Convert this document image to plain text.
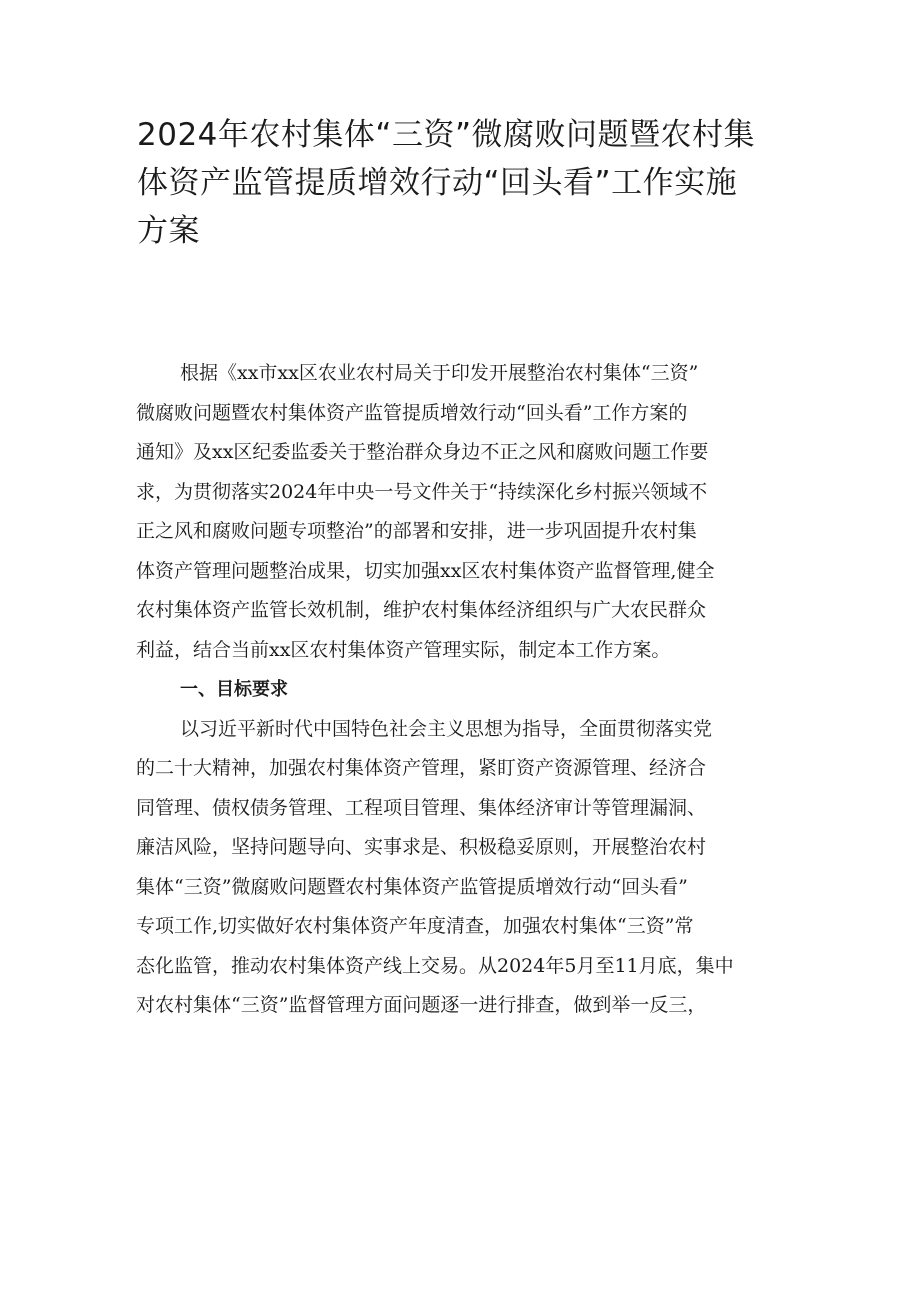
2024年农村集体“三资”微腐败问题暨农村集
体资产监管提质增效行动“回头看”工作实施
方案
根据《xx市xx区农业农村局关于印发开展整治农村集体“三资”
微腐败问题暨农村集体资产监管提质增效行动“回头看”工作方案的
通知》及xx区纪委监委关于整治群众身边不正之风和腐败问题工作要
求，为贯彻落实2024年中央一号文件关于“持续深化乡村振兴领域不
正之风和腐败问题专项整治”的部署和安排，进一步巩固提升农村集
体资产管理问题整治成果，切实加强xx区农村集体资产监督管理,健全
农村集体资产监管长效机制，维护农村集体经济组织与广大农民群众
利益，结合当前xx区农村集体资产管理实际，制定本工作方案。
一、目标要求
以习近平新时代中国特色社会主义思想为指导，全面贯彻落实党
的二十大精神，加强农村集体资产管理，紧盯资产资源管理、经济合
同管理、债权债务管理、工程项目管理、集体经济审计等管理漏洞、
廉洁风险，坚持问题导向、实事求是、积极稳妥原则，开展整治农村
集体“三资”微腐败问题暨农村集体资产监管提质增效行动“回头看”
专项工作,切实做好农村集体资产年度清查，加强农村集体“三资”常
态化监管，推动农村集体资产线上交易。从2024年5月至11月底，集中
对农村集体“三资”监督管理方面问题逐一进行排查，做到举一反三，
